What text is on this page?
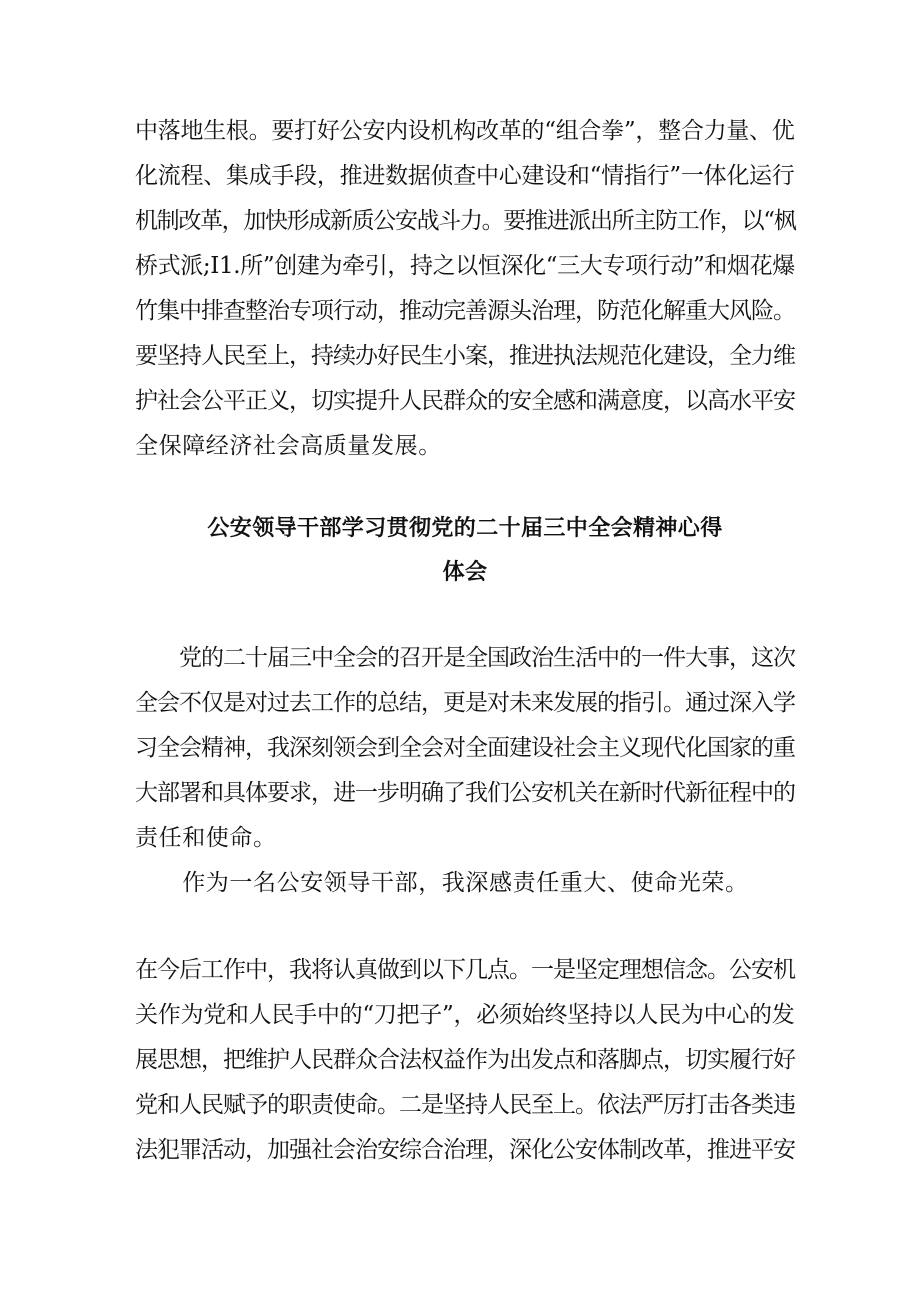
中落地生根。要打好公安内设机构改革的“组合拳”，整合力量、优
化流程、集成手段，推进数据侦查中心建设和“情指行”一体化运行
机制改革，加快形成新质公安战斗力。要推进派出所主防工作，以“枫
桥式派;I1.所”创建为牵引，持之以恒深化“三大专项行动”和烟花爆
竹集中排查整治专项行动，推动完善源头治理，防范化解重大风险。
要坚持人民至上，持续办好民生小案，推进执法规范化建设，全力维
护社会公平正义，切实提升人民群众的安全感和满意度，以高水平安
全保障经济社会高质量发展。
公安领导干部学习贯彻党的二十届三中全会精神心得
体会
　　党的二十届三中全会的召开是全国政治生活中的一件大事，这次
全会不仅是对过去工作的总结，更是对未来发展的指引。通过深入学
习全会精神，我深刻领会到全会对全面建设社会主义现代化国家的重
大部署和具体要求，进一步明确了我们公安机关在新时代新征程中的
责任和使命。
　　作为一名公安领导干部，我深感责任重大、使命光荣。
在今后工作中，我将认真做到以下几点。一是坚定理想信念。公安机
关作为党和人民手中的“刀把子”，必须始终坚持以人民为中心的发
展思想，把维护人民群众合法权益作为出发点和落脚点，切实履行好
党和人民赋予的职责使命。二是坚持人民至上。依法严厉打击各类违
法犯罪活动，加强社会治安综合治理，深化公安体制改革，推进平安
